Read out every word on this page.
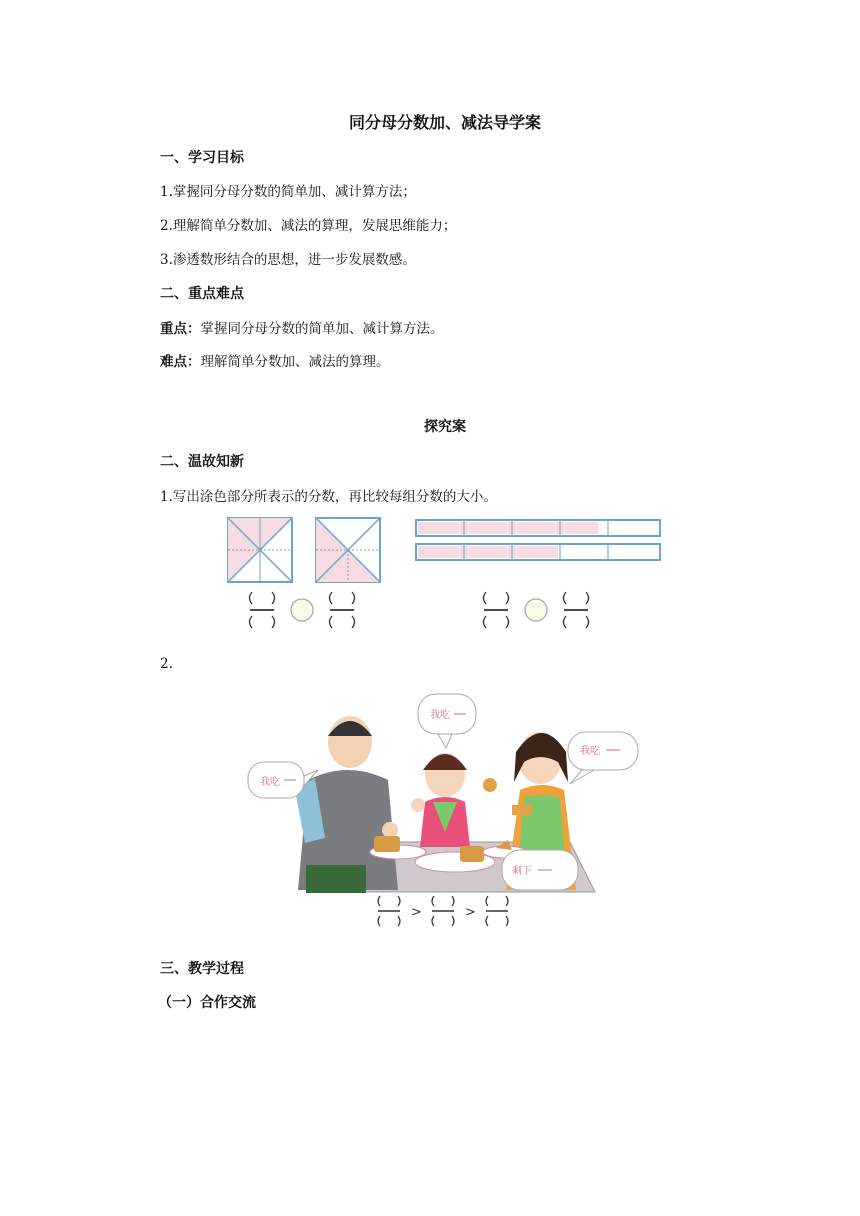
同分母分数加、减法导学案
一、学习目标
1.掌握同分母分数的简单加、减计算方法；
2.理解简单分数加、减法的算理，发展思维能力；
3.渗透数形结合的思想，进一步发展数感。
二、重点难点
重点：掌握同分母分数的简单加、减计算方法。
难点：理解简单分数加、减法的算理。
探究案
二、温故知新
1.写出涂色部分所表示的分数，再比较每组分数的大小。
2.
我吃
我吃
我吃
剩下
>	>
三、教学过程
（一）合作交流
